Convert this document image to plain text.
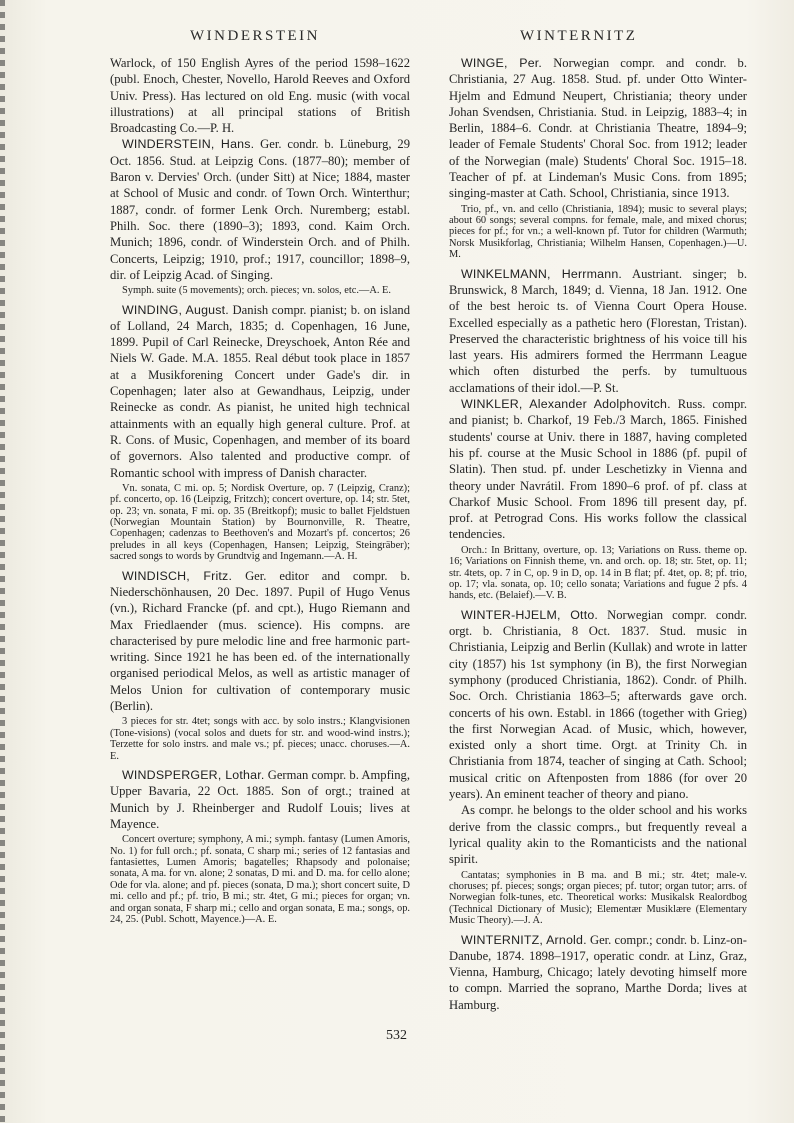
WINDERSTEIN	WINTERNITZ

Warlock, of 150 English Ayres of the period 1598–1622 (publ. Enoch, Chester, Novello, Harold Reeves and Oxford Univ. Press). Has lectured on old Eng. music (with vocal illustrations) at all principal stations of British Broadcasting Co.—P. H.

WINDERSTEIN, Hans. Ger. condr. b. Lüneburg, 29 Oct. 1856. Stud. at Leipzig Cons. (1877–80); member of Baron v. Dervies' Orch. (under Sitt) at Nice; 1884, master at School of Music and condr. of Town Orch. Winterthur; 1887, condr. of former Lenk Orch. Nuremberg; establ. Philh. Soc. there (1890–3); 1893, cond. Kaim Orch. Munich; 1896, condr. of Winderstein Orch. and of Philh. Concerts, Leipzig; 1910, prof.; 1917, councillor; 1898–9, dir. of Leipzig Acad. of Singing.

Symph. suite (5 movements); orch. pieces; vn. solos, etc.—A. E.

WINDING, August. Danish compr. pianist; b. on island of Lolland, 24 March, 1835; d. Copenhagen, 16 June, 1899. Pupil of Carl Reinecke, Dreyschoek, Anton Rée and Niels W. Gade. M.A. 1855. Real début took place in 1857 at a Musikforening Concert under Gade's dir. in Copenhagen; later also at Gewandhaus, Leipzig, under Reinecke as condr. As pianist, he united high technical attainments with an equally high general culture. Prof. at R. Cons. of Music, Copenhagen, and member of its board of governors. Also talented and productive compr. of Romantic school with impress of Danish character.

Vn. sonata, C mi. op. 5; Nordisk Overture, op. 7 (Leipzig, Cranz); pf. concerto, op. 16 (Leipzig, Fritzch); concert overture, op. 14; str. 5tet, op. 23; vn. sonata, F mi. op. 35 (Breitkopf); music to ballet Fjeldstuen (Norwegian Mountain Station) by Bournonville, R. Theatre, Copenhagen; cadenzas to Beethoven's and Mozart's pf. concertos; 26 preludes in all keys (Copenhagen, Hansen; Leipzig, Steingräber); sacred songs to words by Grundtvig and Ingemann.—A. H.

WINDISCH, Fritz. Ger. editor and compr. b. Niederschönhausen, 20 Dec. 1897. Pupil of Hugo Venus (vn.), Richard Francke (pf. and cpt.), Hugo Riemann and Max Friedlaender (mus. science). His compns. are characterised by pure melodic line and free harmonic part-writing. Since 1921 he has been ed. of the internationally organised periodical Melos, as well as artistic manager of Melos Union for cultivation of contemporary music (Berlin).

3 pieces for str. 4tet; songs with acc. by solo instrs.; Klangvisionen (Tone-visions) (vocal solos and duets for str. and wood-wind instrs.); Terzette for solo instrs. and male vs.; pf. pieces; unacc. choruses.—A. E.

WINDSPERGER, Lothar. German compr. b. Ampfing, Upper Bavaria, 22 Oct. 1885. Son of orgt.; trained at Munich by J. Rheinberger and Rudolf Louis; lives at Mayence.

Concert overture; symphony, A mi.; symph. fantasy (Lumen Amoris, No. 1) for full orch.; pf. sonata, C sharp mi.; series of 12 fantasias and fantasiettes, Lumen Amoris; bagatelles; Rhapsody and polonaise; sonata, A ma. for vn. alone; 2 sonatas, D mi. and D. ma. for cello alone; Ode for vla. alone; and pf. pieces (sonata, D ma.); short concert suite, D mi. cello and pf.; pf. trio, B mi.; str. 4tet, G mi.; pieces for organ; vn. and organ sonata, F sharp mi.; cello and organ sonata, E ma.; songs, op. 24, 25. (Publ. Schott, Mayence.)—A. E.

WINGE, Per. Norwegian compr. and condr. b. Christiania, 27 Aug. 1858. Stud. pf. under Otto Winter-Hjelm and Edmund Neupert, Christiania; theory under Johan Svendsen, Christiania. Stud. in Leipzig, 1883–4; in Berlin, 1884–6. Condr. at Christiania Theatre, 1894–9; leader of Female Students' Choral Soc. from 1912; leader of the Norwegian (male) Students' Choral Soc. 1915–18. Teacher of pf. at Lindeman's Music Cons. from 1895; singing-master at Cath. School, Christiania, since 1913.

Trio, pf., vn. and cello (Christiania, 1894); music to several plays; about 60 songs; several compns. for female, male, and mixed chorus; pieces for pf.; for vn.; a well-known pf. Tutor for children (Warmuth; Norsk Musikforlag, Christiania; Wilhelm Hansen, Copenhagen.)—U. M.

WINKELMANN, Herrmann. Austriant. singer; b. Brunswick, 8 March, 1849; d. Vienna, 18 Jan. 1912. One of the best heroic ts. of Vienna Court Opera House. Excelled especially as a pathetic hero (Florestan, Tristan). Preserved the characteristic brightness of his voice till his last years. His admirers formed the Herrmann League which often disturbed the perfs. by tumultuous acclamations of their idol.—P. St.

WINKLER, Alexander Adolphovitch. Russ. compr. and pianist; b. Charkof, 19 Feb./3 March, 1865. Finished students' course at Univ. there in 1887, having completed his pf. course at the Music School in 1886 (pf. pupil of Slatin). Then stud. pf. under Leschetizky in Vienna and theory under Navrátil. From 1890–6 prof. of pf. class at Charkof Music School. From 1896 till present day, pf. prof. at Petrograd Cons. His works follow the classical tendencies.

Orch.: In Brittany, overture, op. 13; Variations on Russ. theme op. 16; Variations on Finnish theme, vn. and orch. op. 18; str. 5tet, op. 11; str. 4tets, op. 7 in C, op. 9 in D, op. 14 in B flat; pf. 4tet, op. 8; pf. trio, op. 17; vla. sonata, op. 10; cello sonata; Variations and fugue 2 pfs. 4 hands, etc. (Belaief).—V. B.

WINTER-HJELM, Otto. Norwegian compr. condr. orgt. b. Christiania, 8 Oct. 1837. Stud. music in Christiania, Leipzig and Berlin (Kullak) and wrote in latter city (1857) his 1st symphony (in B), the first Norwegian symphony (produced Christiania, 1862). Condr. of Philh. Soc. Orch. Christiania 1863–5; afterwards gave orch. concerts of his own. Establ. in 1866 (together with Grieg) the first Norwegian Acad. of Music, which, however, existed only a short time. Orgt. at Trinity Ch. in Christiania from 1874, teacher of singing at Cath. School; musical critic on Aftenposten from 1886 (for over 20 years). An eminent teacher of theory and piano.

As compr. he belongs to the older school and his works derive from the classic comprs., but frequently reveal a lyrical quality akin to the Romanticists and the national spirit.

Cantatas; symphonies in B ma. and B mi.; str. 4tet; male-v. choruses; pf. pieces; songs; organ pieces; pf. tutor; organ tutor; arrs. of Norwegian folk-tunes, etc. Theoretical works: Musikalsk Realordbog (Technical Dictionary of Music); Elementær Musiklære (Elementary Music Theory).—J. A.

WINTERNITZ, Arnold. Ger. compr.; condr. b. Linz-on-Danube, 1874. 1898–1917, operatic condr. at Linz, Graz, Vienna, Hamburg, Chicago; lately devoting himself more to compn. Married the soprano, Marthe Dorda; lives at Hamburg.

532
